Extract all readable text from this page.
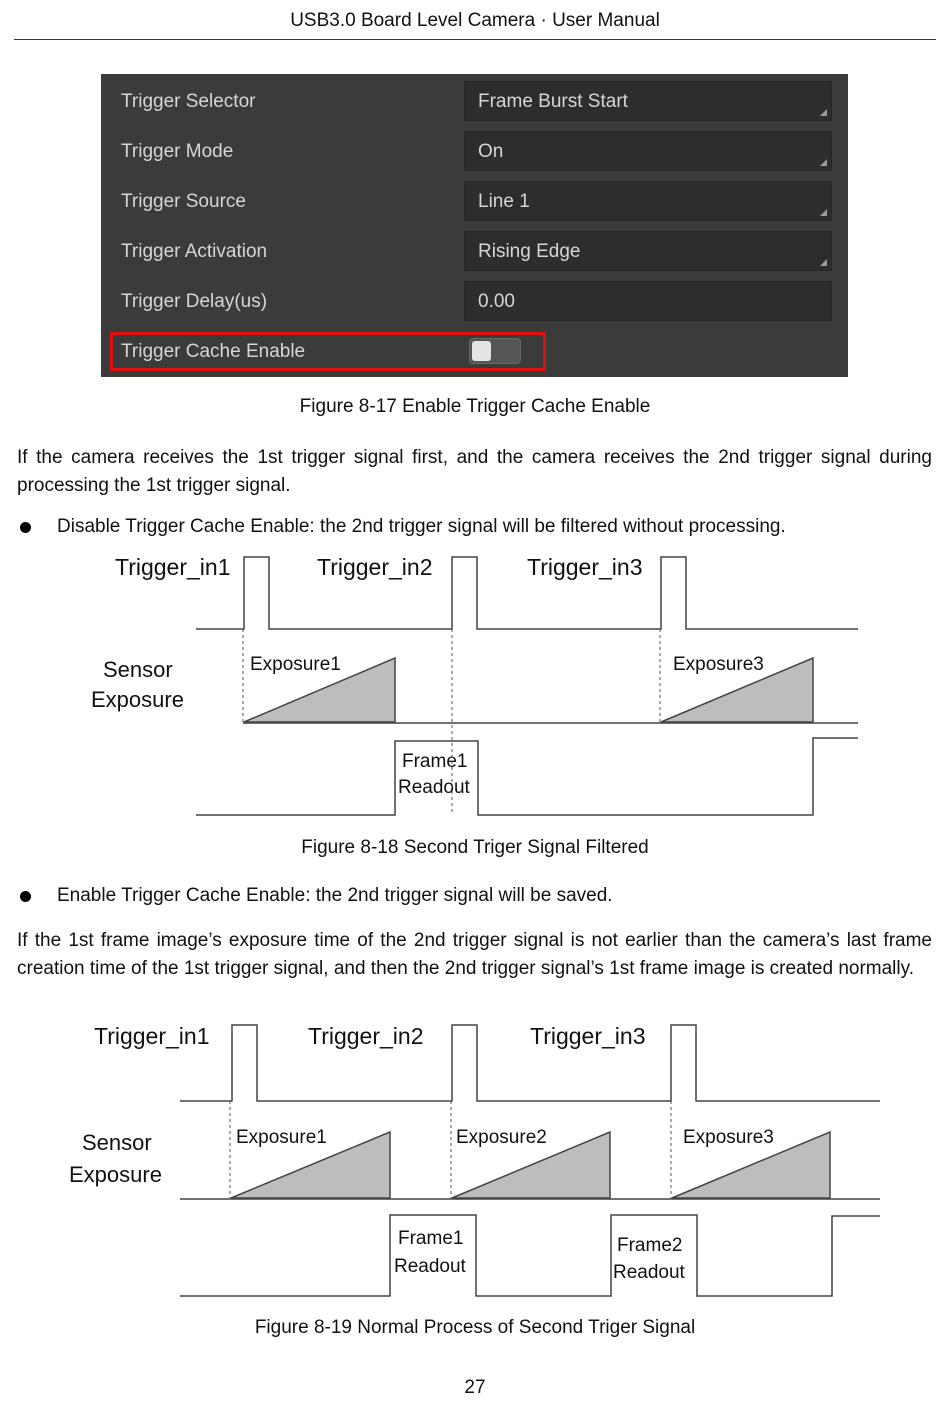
USB3.0 Board Level Camera · User Manual
Trigger Selector	Frame Burst Start
Trigger Mode	On
Trigger Source	Line 1
Trigger Activation	Rising Edge
Trigger Delay(us)	0.00
Trigger Cache Enable
Figure 8-17 Enable Trigger Cache Enable
If the camera receives the 1st trigger signal first, and the camera receives the 2nd trigger signal during processing the 1st trigger signal.
Disable Trigger Cache Enable: the 2nd trigger signal will be filtered without processing.
Trigger_in1	Trigger_in2	Trigger_in3
Sensor
Exposure
Exposure1	Exposure3
Frame1
Readout
Figure 8-18 Second Triger Signal Filtered
Enable Trigger Cache Enable: the 2nd trigger signal will be saved.
If the 1st frame image’s exposure time of the 2nd trigger signal is not earlier than the camera’s last frame creation time of the 1st trigger signal, and then the 2nd trigger signal’s 1st frame image is created normally.
Trigger_in1	Trigger_in2	Trigger_in3
Sensor
Exposure
Exposure1	Exposure2	Exposure3
Frame1
Readout
Frame2
Readout
Figure 8-19 Normal Process of Second Triger Signal
27
